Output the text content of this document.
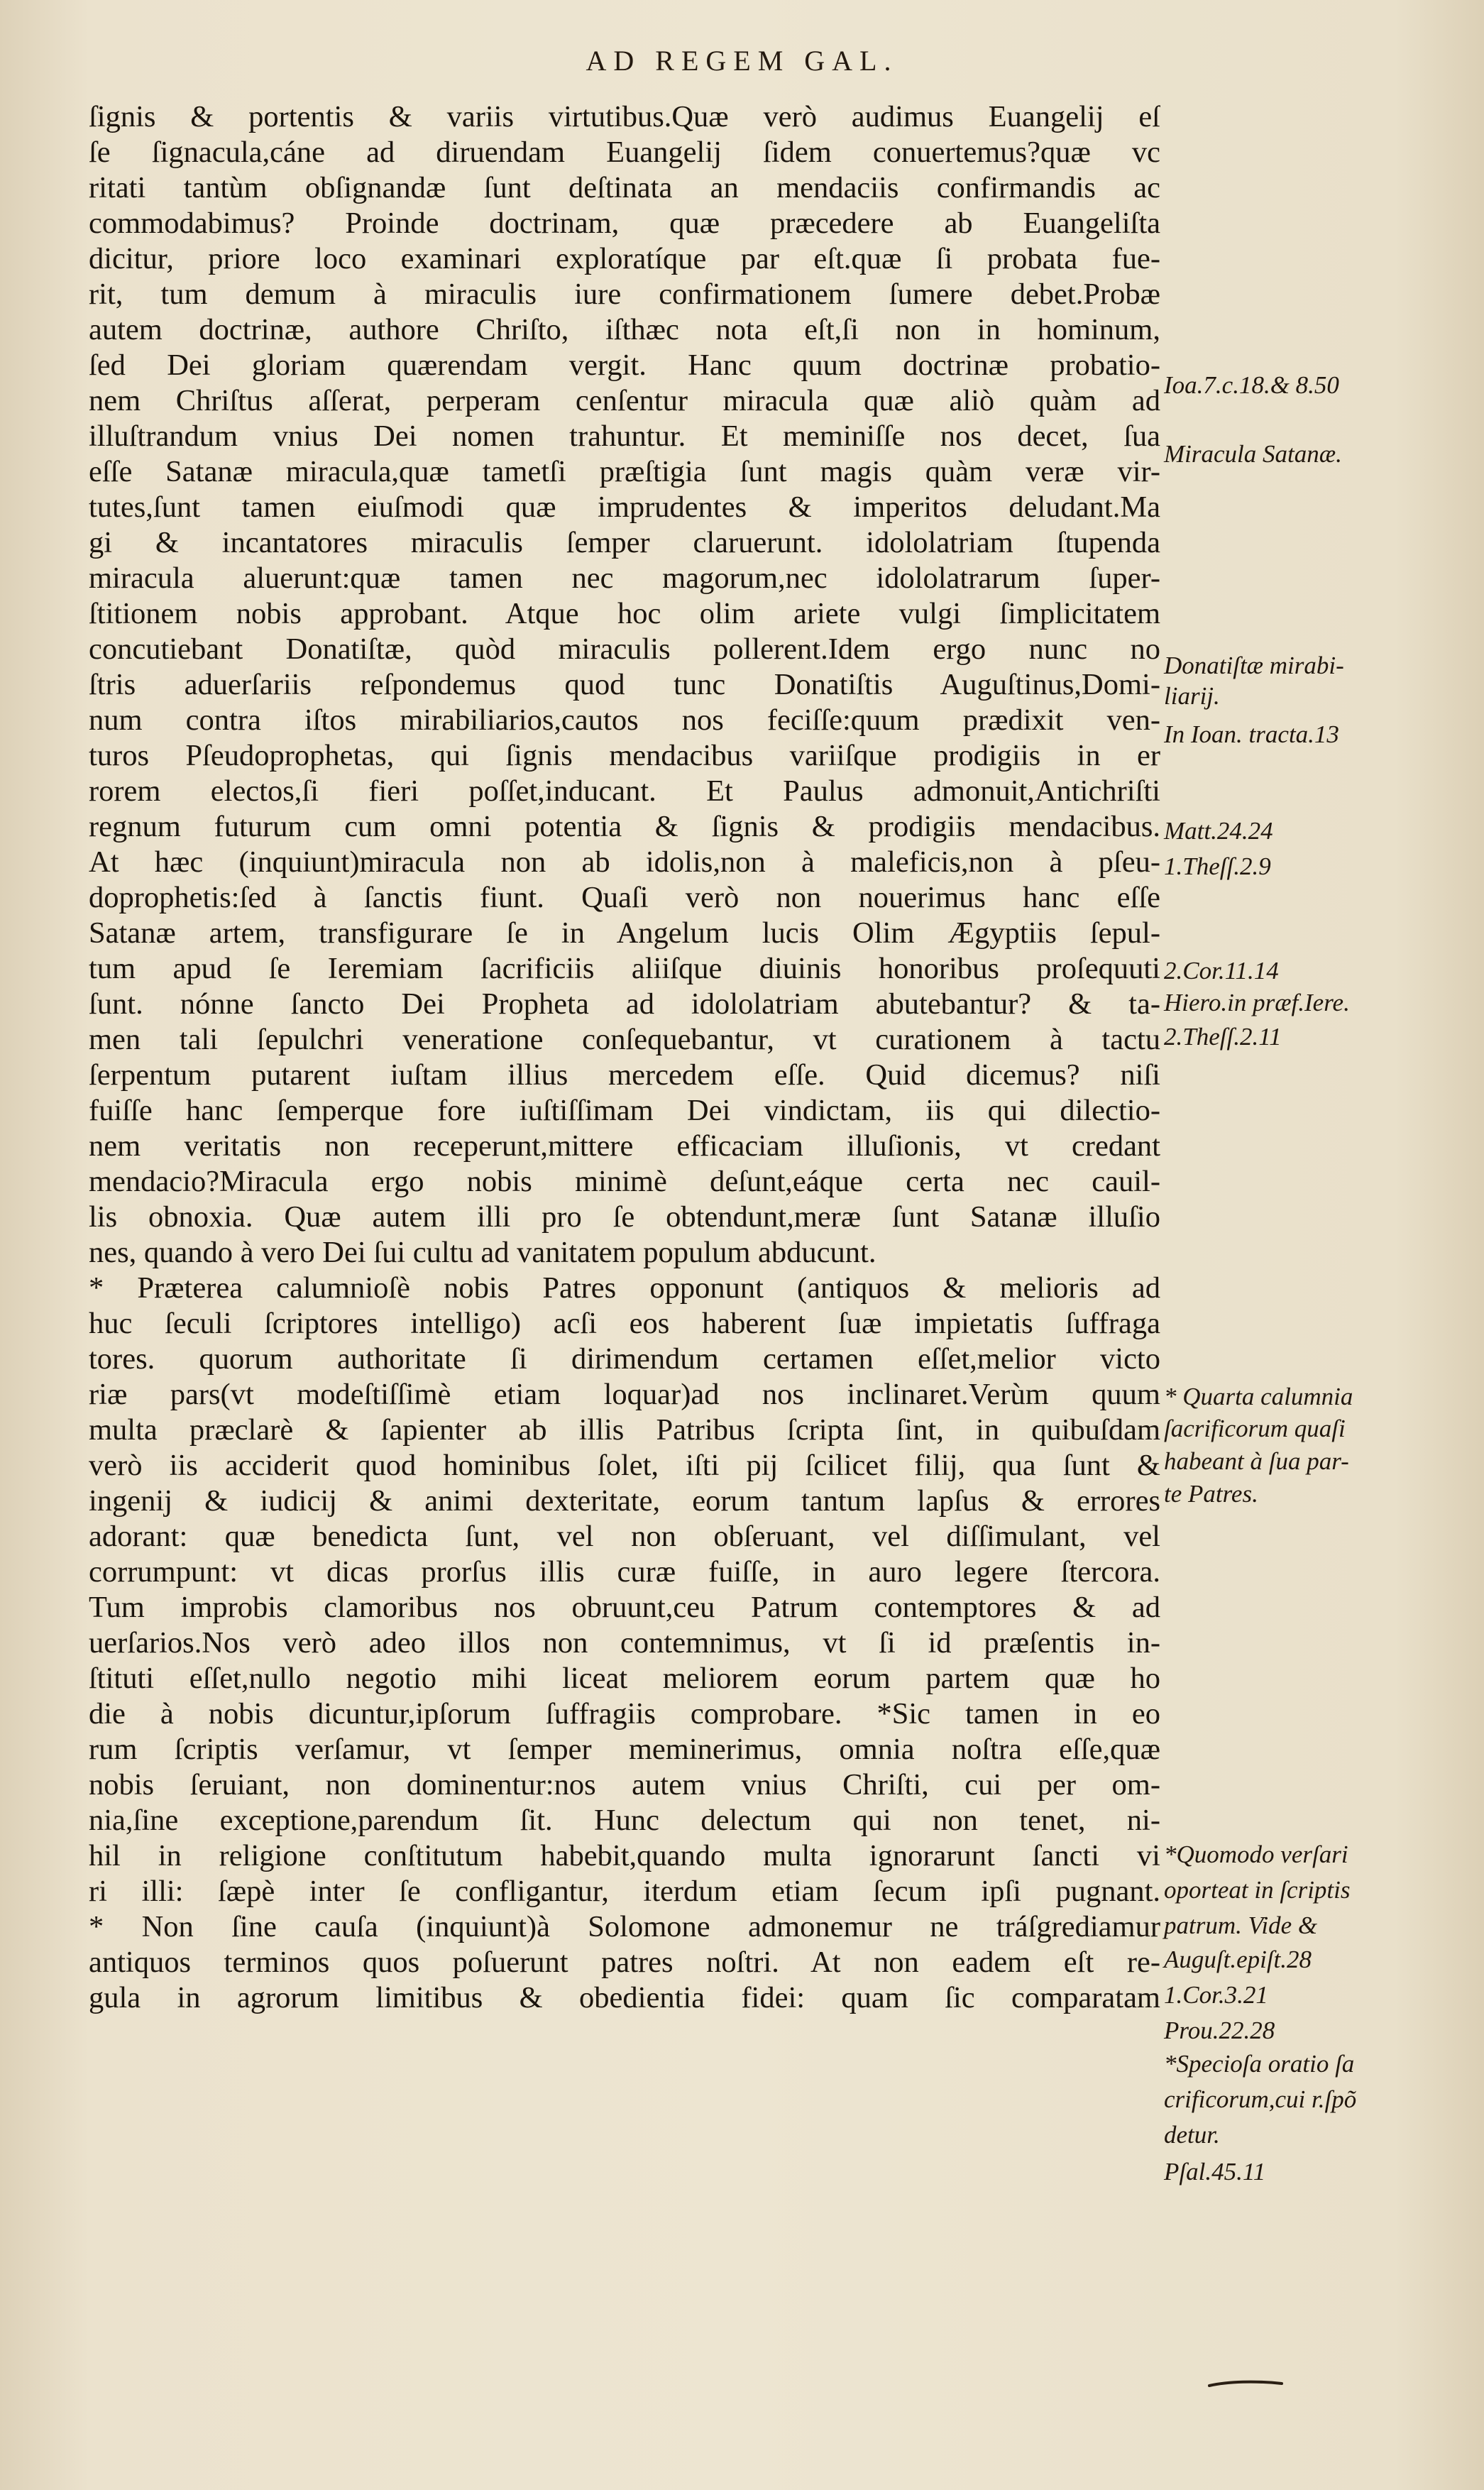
AD REGEM GAL.
ſignis & portentis & variis virtutibus.Quæ verò audimus Euangelij eſ
ſe ſignacula,cáne ad diruendam Euangelij ſidem conuertemus?quæ vc
ritati tantùm obſignandæ ſunt deſtinata an mendaciis confirmandis ac
commodabimus? Proinde doctrinam, quæ præcedere ab Euangeliſta
dicitur, priore loco examinari exploratíque par eſt.quæ ſi probata fue-
rit, tum demum à miraculis iure confirmationem ſumere debet.Probæ
autem doctrinæ, authore Chriſto, iſthæc nota eſt,ſi non in hominum,
ſed Dei gloriam quærendam vergit. Hanc quum doctrinæ probatio-
nem Chriſtus aſſerat, perperam cenſentur miracula quæ aliò quàm ad
illuſtrandum vnius Dei nomen trahuntur. Et meminiſſe nos decet, ſua
eſſe Satanæ miracula,quæ tametſi præſtigia ſunt magis quàm veræ vir-
tutes,ſunt tamen eiuſmodi quæ imprudentes & imperitos deludant.Ma
gi & incantatores miraculis ſemper claruerunt. idololatriam ſtupenda
miracula aluerunt:quæ tamen nec magorum,nec idololatrarum ſuper-
ſtitionem nobis approbant. Atque hoc olim ariete vulgi ſimplicitatem
concutiebant Donatiſtæ, quòd miraculis pollerent.Idem ergo nunc no
ſtris aduerſariis reſpondemus quod tunc Donatiſtis Auguſtinus,Domi-
num contra iſtos mirabiliarios,cautos nos feciſſe:quum prædixit ven-
turos Pſeudoprophetas, qui ſignis mendacibus variiſque prodigiis in er
rorem electos,ſi fieri poſſet,inducant. Et Paulus admonuit,Antichriſti
regnum futurum cum omni potentia & ſignis & prodigiis mendacibus.
At hæc (inquiunt)miracula non ab idolis,non à maleficis,non à pſeu-
doprophetis:ſed à ſanctis fiunt. Quaſi verò non nouerimus hanc eſſe
Satanæ artem, transfigurare ſe in Angelum lucis Olim Ægyptiis ſepul-
tum apud ſe Ieremiam ſacrificiis aliiſque diuinis honoribus proſequuti
ſunt. nónne ſancto Dei Propheta ad idololatriam abutebantur? & ta-
men tali ſepulchri veneratione conſequebantur, vt curationem à tactu
ſerpentum putarent iuſtam illius mercedem eſſe. Quid dicemus? niſi
fuiſſe hanc ſemperque fore iuſtiſſimam Dei vindictam, iis qui dilectio-
nem veritatis non receperunt,mittere efficaciam illuſionis, vt credant
mendacio?Miracula ergo nobis minimè deſunt,eáque certa nec cauil-
lis obnoxia. Quæ autem illi pro ſe obtendunt,meræ ſunt Satanæ illuſio
nes, quando à vero Dei ſui cultu ad vanitatem populum abducunt.
* Præterea calumnioſè nobis Patres opponunt (antiquos & melioris ad
huc ſeculi ſcriptores intelligo) acſi eos haberent ſuæ impietatis ſuffraga
tores. quorum authoritate ſi dirimendum certamen eſſet,melior victo
riæ pars(vt modeſtiſſimè etiam loquar)ad nos inclinaret.Verùm quum
multa præclarè & ſapienter ab illis Patribus ſcripta ſint, in quibuſdam
verò iis acciderit quod hominibus ſolet, iſti pij ſcilicet filij, qua ſunt &
ingenij & iudicij & animi dexteritate, eorum tantum lapſus & errores
adorant: quæ benedicta ſunt, vel non obſeruant, vel diſſimulant, vel
corrumpunt: vt dicas prorſus illis curæ fuiſſe, in auro legere ſtercora.
Tum improbis clamoribus nos obruunt,ceu Patrum contemptores & ad
uerſarios.Nos verò adeo illos non contemnimus, vt ſi id præſentis in-
ſtituti eſſet,nullo negotio mihi liceat meliorem eorum partem quæ ho
die à nobis dicuntur,ipſorum ſuffragiis comprobare. *Sic tamen in eo
rum ſcriptis verſamur, vt ſemper meminerimus, omnia noſtra eſſe,quæ
nobis ſeruiant, non dominentur:nos autem vnius Chriſti, cui per om-
nia,ſine exceptione,parendum ſit. Hunc delectum qui non tenet, ni-
hil in religione conſtitutum habebit,quando multa ignorarunt ſancti vi
ri illi: ſæpè inter ſe confligantur, iterdum etiam ſecum ipſi pugnant.
* Non ſine cauſa (inquiunt)à Solomone admonemur ne tráſgrediamur
antiquos terminos quos poſuerunt patres noſtri. At non eadem eſt re-
gula in agrorum limitibus & obedientia fidei: quam ſic comparatam
Ioa.7.c.18.& 8.50
Miracula Satanæ.
Donatiſtæ mirabi-
liarij.
In Ioan. tracta.13
Matt.24.24
1.Theſſ.2.9
2.Cor.11.14
Hiero.in præf.Iere.
2.Theſſ.2.11
* Quarta calumnia
ſacrificorum quaſi
habeant à ſua par-
te Patres.
*Quomodo verſari
oporteat in ſcriptis
patrum. Vide &
Auguſt.epiſt.28
1.Cor.3.21
Prou.22.28
*Specioſa oratio ſa
crificorum,cui r.ſpõ
detur.
Pſal.45.11
